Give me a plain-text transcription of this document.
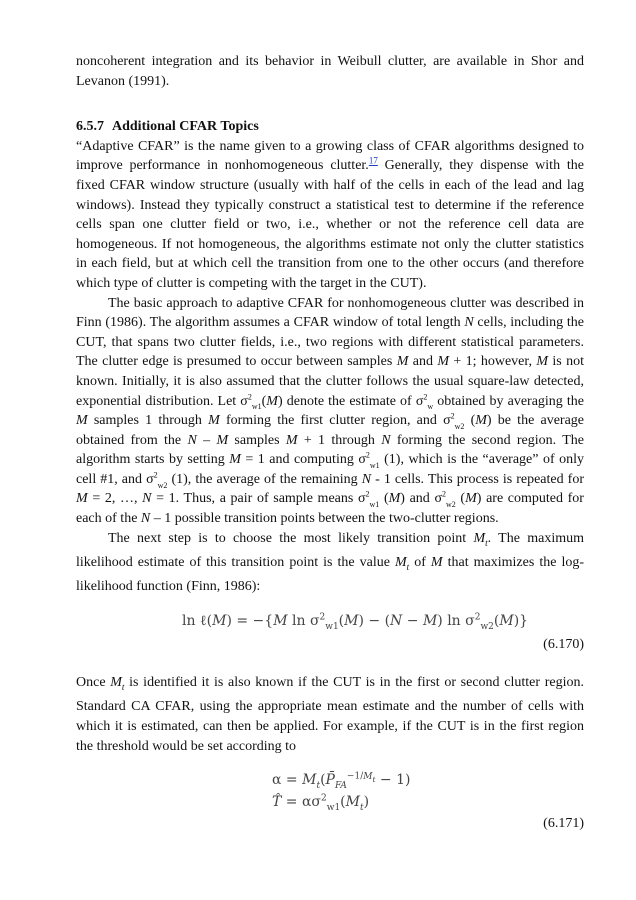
noncoherent integration and its behavior in Weibull clutter, are available in Shor and Levanon (1991).

6.5.7 Additional CFAR Topics

“Adaptive CFAR” is the name given to a growing class of CFAR algorithms designed to improve performance in nonhomogeneous clutter.$^{17}$ Generally, they dispense with the fixed CFAR window structure (usually with half of the cells in each of the lead and lag windows). Instead they typically construct a statistical test to determine if the reference cells span one clutter field or two, i.e., whether or not the reference cell data are homogeneous. If not homogeneous, the algorithms estimate not only the clutter statistics in each field, but at which cell the transition from one to the other occurs (and therefore which type of clutter is competing with the target in the CUT).

The basic approach to adaptive CFAR for nonhomogeneous clutter was described in Finn (1986). The algorithm assumes a CFAR window of total length N cells, including the CUT, that spans two clutter fields, i.e., two regions with different statistical parameters. The clutter edge is presumed to occur between samples M and M + 1; however, M is not known. Initially, it is also assumed that the clutter follows the usual square-law detected, exponential distribution. Let $\sigma^2_{w1}(M)$ denote the estimate of $\sigma^2_w$ obtained by averaging the M samples 1 through M forming the first clutter region, and $\sigma^2_{w2}$ (M) be the average obtained from the N – M samples M + 1 through N forming the second region. The algorithm starts by setting M = 1 and computing $\sigma^2_{w1}$ (1), which is the “average” of only cell #1, and $\sigma^2_{w2}$ (1), the average of the remaining N - 1 cells. This process is repeated for M = 2, …, N = 1. Thus, a pair of sample means $\sigma^2_{w1}$ (M) and $\sigma^2_{w2}$ (M) are computed for each of the N – 1 possible transition points between the two-clutter regions.

The next step is to choose the most likely transition point $M_t$. The maximum likelihood estimate of this transition point is the value $M_t$ of M that maximizes the log-likelihood function (Finn, 1986):

ln ℓ(M) = −{M $\ln \sigma^2_{w1}(M) - (N - M)$ $\ln \sigma^2_{w2}(M)$}
(6.170)

Once $M_t$ is identified it is also known if the CUT is in the first or second clutter region. Standard CA CFAR, using the appropriate mean estimate and the number of cells with which it is estimated, can then be applied. For example, if the CUT is in the first region the threshold would be set according to

$\alpha = M_t(P̄_{FA}^{-1/M_t} - 1)$
T̂ = $\alpha\sigma^2_{w1}(M_t)$
(6.171)
